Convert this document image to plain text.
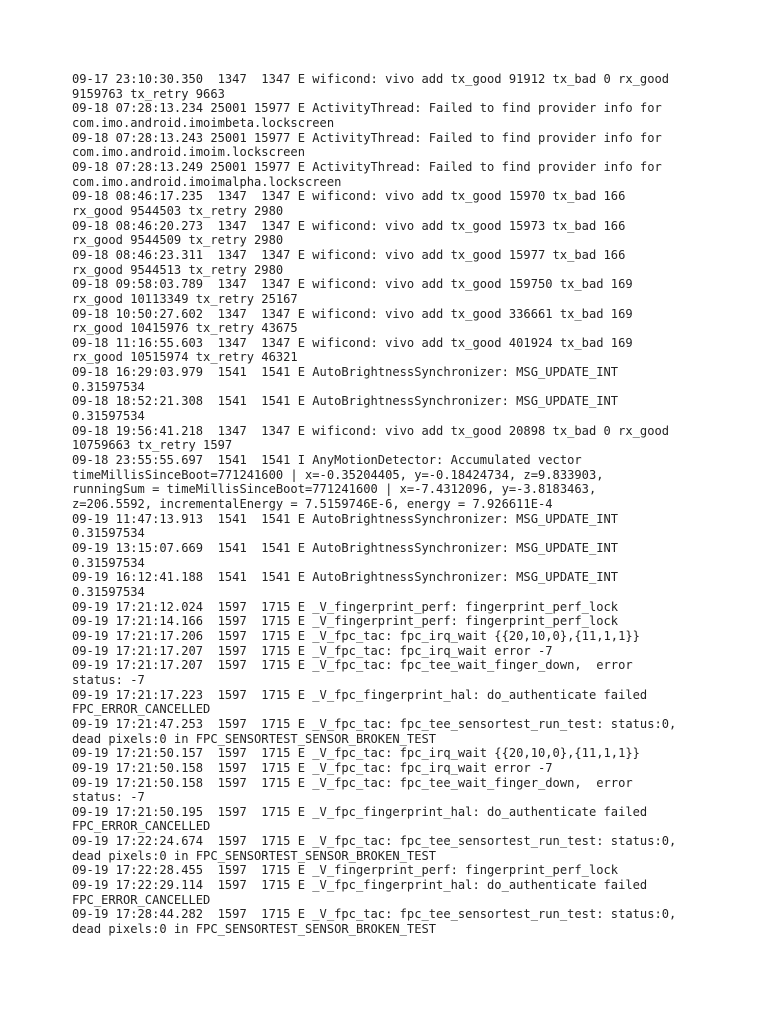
09-17 23:10:30.350  1347  1347 E wificond: vivo add tx_good 91912 tx_bad 0 rx_good
9159763 tx_retry 9663
09-18 07:28:13.234 25001 15977 E ActivityThread: Failed to find provider info for
com.imo.android.imoimbeta.lockscreen
09-18 07:28:13.243 25001 15977 E ActivityThread: Failed to find provider info for
com.imo.android.imoim.lockscreen
09-18 07:28:13.249 25001 15977 E ActivityThread: Failed to find provider info for
com.imo.android.imoimalpha.lockscreen
09-18 08:46:17.235  1347  1347 E wificond: vivo add tx_good 15970 tx_bad 166
rx_good 9544503 tx_retry 2980
09-18 08:46:20.273  1347  1347 E wificond: vivo add tx_good 15973 tx_bad 166
rx_good 9544509 tx_retry 2980
09-18 08:46:23.311  1347  1347 E wificond: vivo add tx_good 15977 tx_bad 166
rx_good 9544513 tx_retry 2980
09-18 09:58:03.789  1347  1347 E wificond: vivo add tx_good 159750 tx_bad 169
rx_good 10113349 tx_retry 25167
09-18 10:50:27.602  1347  1347 E wificond: vivo add tx_good 336661 tx_bad 169
rx_good 10415976 tx_retry 43675
09-18 11:16:55.603  1347  1347 E wificond: vivo add tx_good 401924 tx_bad 169
rx_good 10515974 tx_retry 46321
09-18 16:29:03.979  1541  1541 E AutoBrightnessSynchronizer: MSG_UPDATE_INT
0.31597534
09-18 18:52:21.308  1541  1541 E AutoBrightnessSynchronizer: MSG_UPDATE_INT
0.31597534
09-18 19:56:41.218  1347  1347 E wificond: vivo add tx_good 20898 tx_bad 0 rx_good
10759663 tx_retry 1597
09-18 23:55:55.697  1541  1541 I AnyMotionDetector: Accumulated vector
timeMillisSinceBoot=771241600 | x=-0.35204405, y=-0.18424734, z=9.833903,
runningSum = timeMillisSinceBoot=771241600 | x=-7.4312096, y=-3.8183463,
z=206.5592, incrementalEnergy = 7.5159746E-6, energy = 7.926611E-4
09-19 11:47:13.913  1541  1541 E AutoBrightnessSynchronizer: MSG_UPDATE_INT
0.31597534
09-19 13:15:07.669  1541  1541 E AutoBrightnessSynchronizer: MSG_UPDATE_INT
0.31597534
09-19 16:12:41.188  1541  1541 E AutoBrightnessSynchronizer: MSG_UPDATE_INT
0.31597534
09-19 17:21:12.024  1597  1715 E _V_fingerprint_perf: fingerprint_perf_lock
09-19 17:21:14.166  1597  1715 E _V_fingerprint_perf: fingerprint_perf_lock
09-19 17:21:17.206  1597  1715 E _V_fpc_tac: fpc_irq_wait {{20,10,0},{11,1,1}}
09-19 17:21:17.207  1597  1715 E _V_fpc_tac: fpc_irq_wait error -7
09-19 17:21:17.207  1597  1715 E _V_fpc_tac: fpc_tee_wait_finger_down,  error
status: -7
09-19 17:21:17.223  1597  1715 E _V_fpc_fingerprint_hal: do_authenticate failed
FPC_ERROR_CANCELLED
09-19 17:21:47.253  1597  1715 E _V_fpc_tac: fpc_tee_sensortest_run_test: status:0,
dead pixels:0 in FPC_SENSORTEST_SENSOR_BROKEN_TEST
09-19 17:21:50.157  1597  1715 E _V_fpc_tac: fpc_irq_wait {{20,10,0},{11,1,1}}
09-19 17:21:50.158  1597  1715 E _V_fpc_tac: fpc_irq_wait error -7
09-19 17:21:50.158  1597  1715 E _V_fpc_tac: fpc_tee_wait_finger_down,  error
status: -7
09-19 17:21:50.195  1597  1715 E _V_fpc_fingerprint_hal: do_authenticate failed
FPC_ERROR_CANCELLED
09-19 17:22:24.674  1597  1715 E _V_fpc_tac: fpc_tee_sensortest_run_test: status:0,
dead pixels:0 in FPC_SENSORTEST_SENSOR_BROKEN_TEST
09-19 17:22:28.455  1597  1715 E _V_fingerprint_perf: fingerprint_perf_lock
09-19 17:22:29.114  1597  1715 E _V_fpc_fingerprint_hal: do_authenticate failed
FPC_ERROR_CANCELLED
09-19 17:28:44.282  1597  1715 E _V_fpc_tac: fpc_tee_sensortest_run_test: status:0,
dead pixels:0 in FPC_SENSORTEST_SENSOR_BROKEN_TEST
